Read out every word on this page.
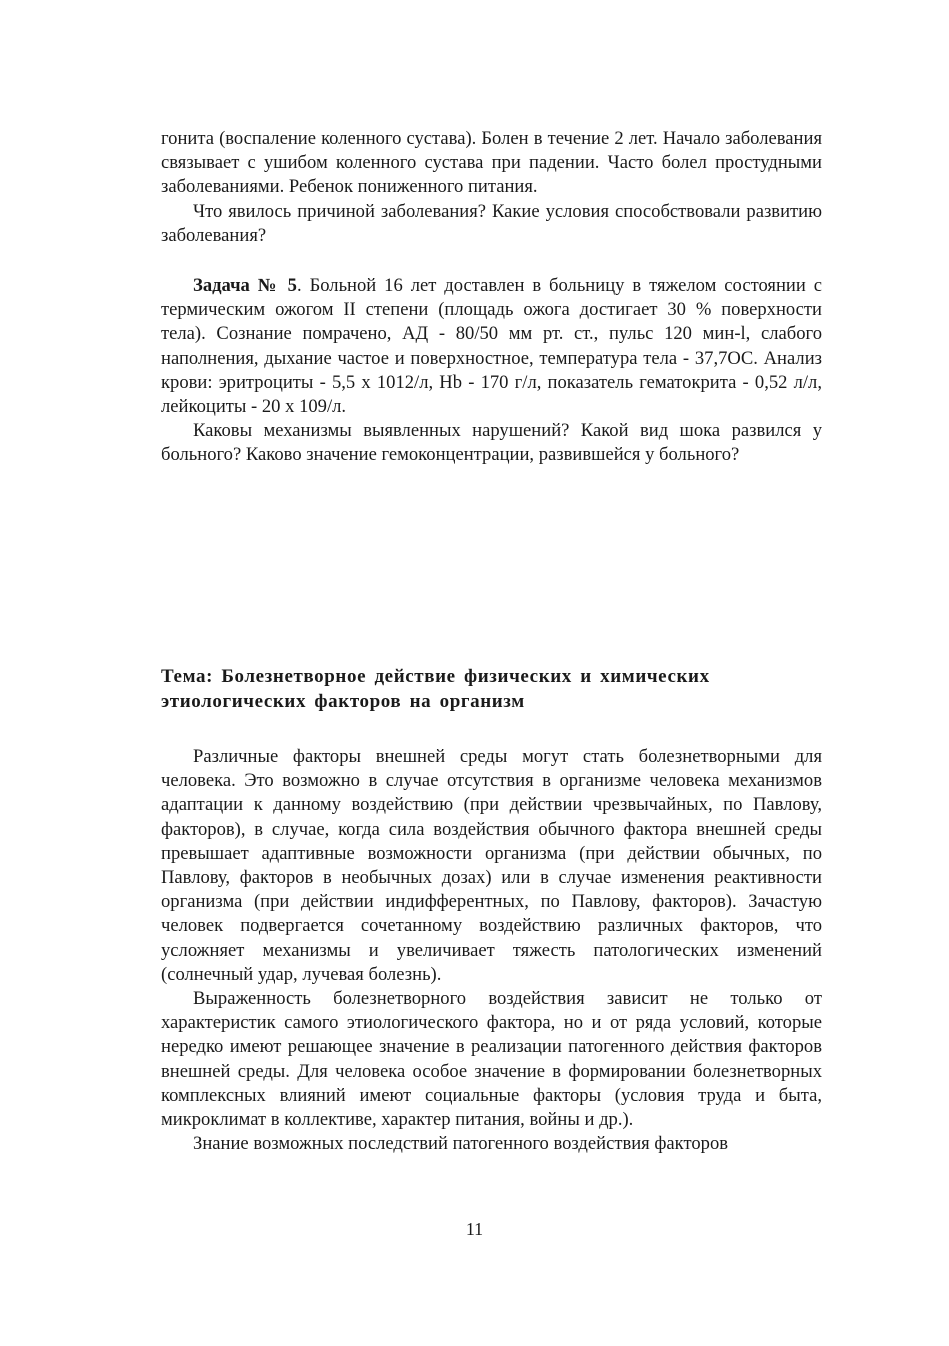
гонита (воспаление коленного сустава). Болен в течение 2 лет. Начало заболевания связывает с ушибом коленного сустава при падении. Часто болел простудными заболеваниями. Ребенок пониженного питания.

Что явилось причиной заболевания? Какие условия способствовали развитию заболевания?

Задача № 5. Больной 16 лет доставлен в больницу в тяжелом состоянии с термическим ожогом II степени (площадь ожога достигает 30 % поверхности тела). Сознание помрачено, АД - 80/50 мм рт. ст., пульс 120 мин-l, слабого наполнения, дыхание частое и поверхностное, температура тела - 37,7OC. Анализ крови: эритроциты - 5,5 х 1012/л, Hb - 170 г/л, показатель гематокрита - 0,52 л/л, лейкоциты - 20 х 109/л.

Каковы механизмы выявленных нарушений? Какой вид шока развился у больного? Каково значение гемоконцентрации, развившейся у больного?

Тема: Болезнетворное действие физических и химических этиологических факторов на организм

Различные факторы внешней среды могут стать болезнетворными для человека. Это возможно в случае отсутствия в организме человека механизмов адаптации к данному воздействию (при действии чрезвычайных, по Павлову, факторов), в случае, когда сила воздействия обычного фактора внешней среды превышает адаптивные возможности организма (при действии обычных, по Павлову, факторов в необычных дозах) или в случае изменения реактивности организма (при действии индифферентных, по Павлову, факторов). Зачастую человек подвергается сочетанному воздействию различных факторов, что усложняет механизмы и увеличивает тяжесть патологических изменений (солнечный удар, лучевая болезнь).

Выраженность болезнетворного воздействия зависит не только от характеристик самого этиологического фактора, но и от ряда условий, которые нередко имеют решающее значение в реализации патогенного действия факторов внешней среды. Для человека особое значение в формировании болезнетворных комплексных влияний имеют социальные факторы (условия труда и быта, микроклимат в коллективе, характер питания, войны и др.).

Знание возможных последствий патогенного воздействия факторов

11
